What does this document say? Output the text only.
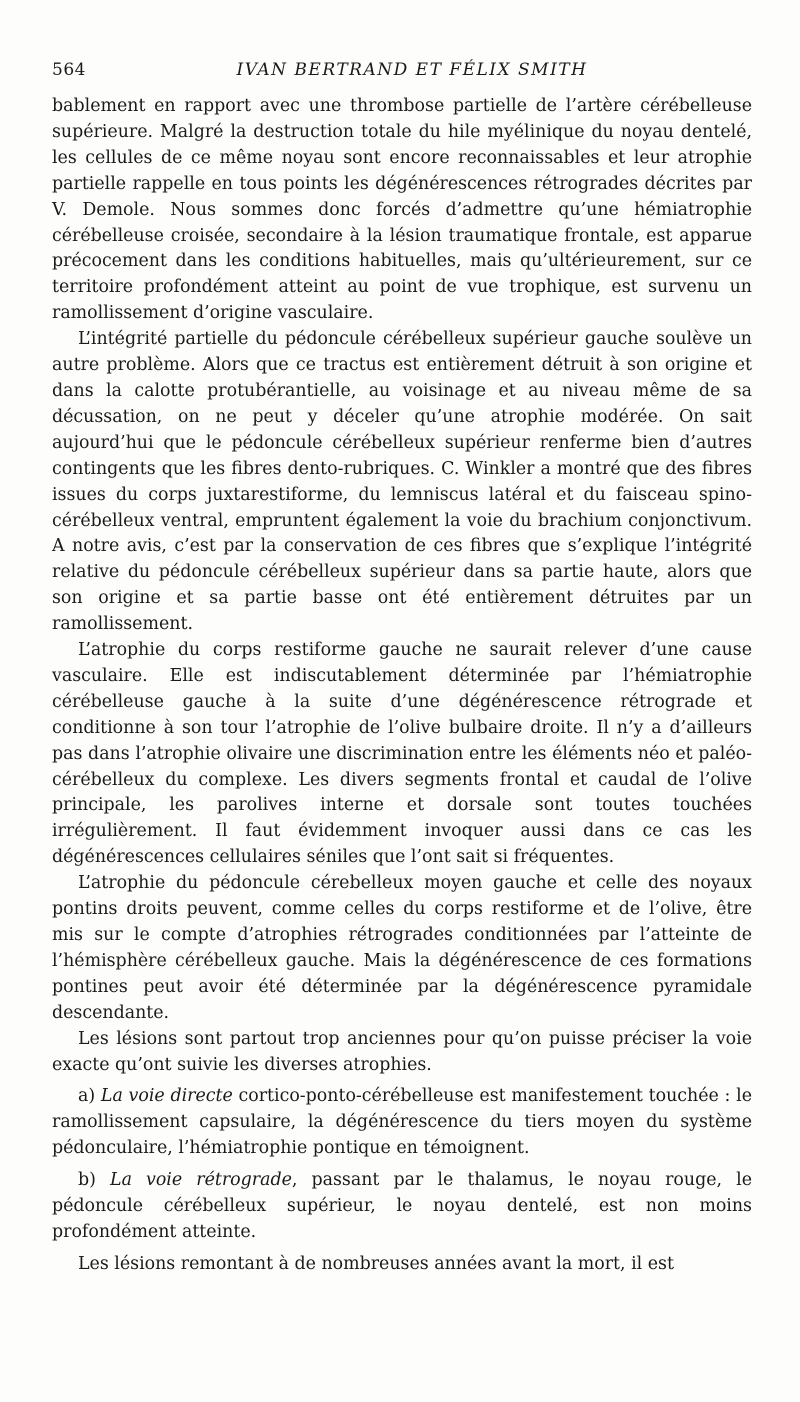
564	IVAN BERTRAND ET FÉLIX SMITH

bablement en rapport avec une thrombose partielle de l’artère cérébelleuse supérieure. Malgré la destruction totale du hile myélinique du noyau dentelé, les cellules de ce même noyau sont encore reconnaissables et leur atrophie partielle rappelle en tous points les dégénérescences rétrogrades décrites par V. Demole. Nous sommes donc forcés d’admettre qu’une hémiatrophie cérébelleuse croisée, secondaire à la lésion traumatique frontale, est apparue précocement dans les conditions habituelles, mais qu’ultérieurement, sur ce territoire profondément atteint au point de vue trophique, est survenu un ramollissement d’origine vasculaire.

L’intégrité partielle du pédoncule cérébelleux supérieur gauche soulève un autre problème. Alors que ce tractus est entièrement détruit à son origine et dans la calotte protubérantielle, au voisinage et au niveau même de sa décussation, on ne peut y déceler qu’une atrophie modérée. On sait aujourd’hui que le pédoncule cérébelleux supérieur renferme bien d’autres contingents que les fibres dento-rubriques. C. Winkler a montré que des fibres issues du corps juxtarestiforme, du lemniscus latéral et du faisceau spino-cérébelleux ventral, empruntent également la voie du brachium conjonctivum. A notre avis, c’est par la conservation de ces fibres que s’explique l’intégrité relative du pédoncule cérébelleux supérieur dans sa partie haute, alors que son origine et sa partie basse ont été entièrement détruites par un ramollissement.

L’atrophie du corps restiforme gauche ne saurait relever d’une cause vasculaire. Elle est indiscutablement déterminée par l’hémiatrophie cérébelleuse gauche à la suite d’une dégénérescence rétrograde et conditionne à son tour l’atrophie de l’olive bulbaire droite. Il n’y a d’ailleurs pas dans l’atrophie olivaire une discrimination entre les éléments néo et paléo-cérébelleux du complexe. Les divers segments frontal et caudal de l’olive principale, les parolives interne et dorsale sont toutes touchées irrégulièrement. Il faut évidemment invoquer aussi dans ce cas les dégénérescences cellulaires séniles que l’ont sait si fréquentes.

L’atrophie du pédoncule cérebelleux moyen gauche et celle des noyaux pontins droits peuvent, comme celles du corps restiforme et de l’olive, être mis sur le compte d’atrophies rétrogrades conditionnées par l’atteinte de l’hémisphère cérébelleux gauche. Mais la dégénérescence de ces formations pontines peut avoir été déterminée par la dégénérescence pyramidale descendante.

Les lésions sont partout trop anciennes pour qu’on puisse préciser la voie exacte qu’ont suivie les diverses atrophies.

a) La voie directe cortico-ponto-cérébelleuse est manifestement touchée : le ramollissement capsulaire, la dégénérescence du tiers moyen du système pédonculaire, l’hémiatrophie pontique en témoignent.

b) La voie rétrograde, passant par le thalamus, le noyau rouge, le pédoncule cérébelleux supérieur, le noyau dentelé, est non moins profondément atteinte.

Les lésions remontant à de nombreuses années avant la mort, il est
